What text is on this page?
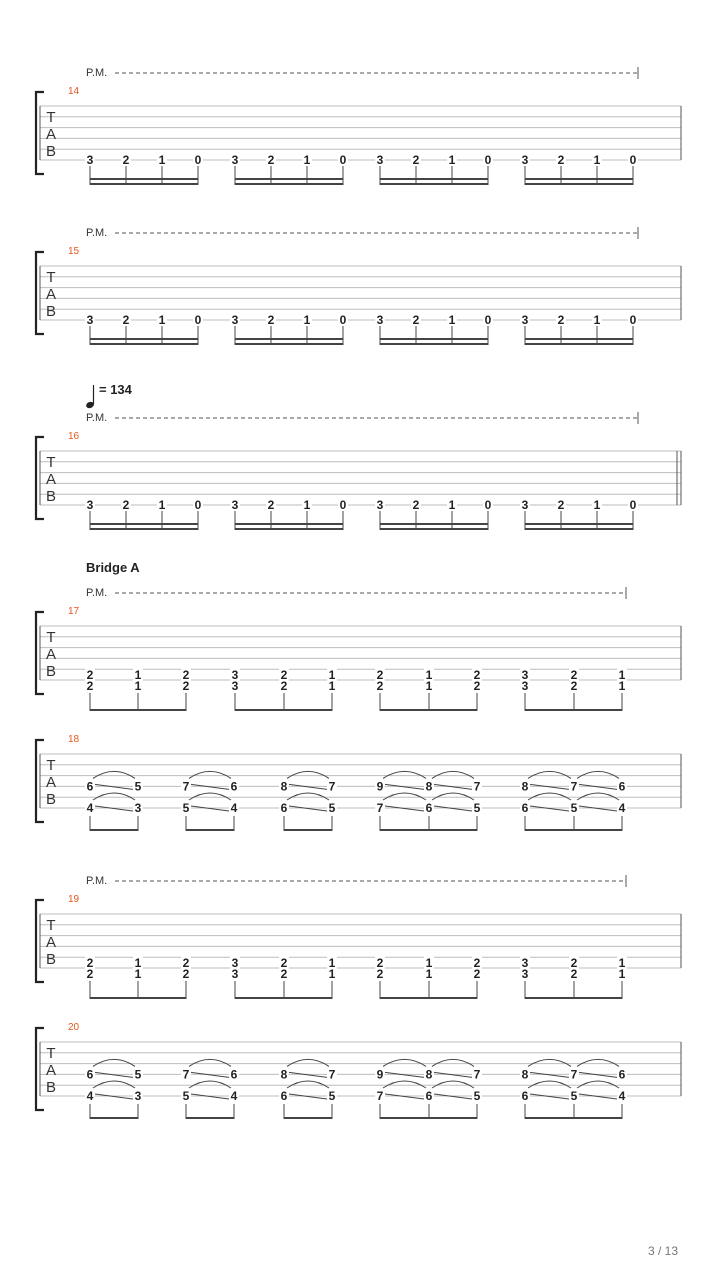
T
A
B
14
P.M.
3 2 1 0	3 2 1 0	3 2 1 0	3 2 1 0
T
A
B
15
P.M.
3 2 1 0	3 2 1 0	3 2 1 0	3 2 1 0
T
A
B
16
P.M.
= 134
3 2 1 0	3 2 1 0	3 2 1 0	3 2 1 0
T
A
B
17
Bridge A
P.M.
2
2
1
1
2
2
3
3
2
2
1
1
2
2
1
1
2
2
3
3
2
2
1
1
T
A
B
18
6
4
5
3
7
5
6
4
8
6
7
5
9
7
8
6
7
5
8
6
7
5
6
4
T
A
B
19
P.M.
2
2
1
1
2
2
3
3
2
2
1
1
2
2
1
1
2
2
3
3
2
2
1
1
T
A
B
20
6
4
5
3
7
5
6
4
8
6
7
5
9
7
8
6
7
5
8
6
7
5
6
4
3 / 13
